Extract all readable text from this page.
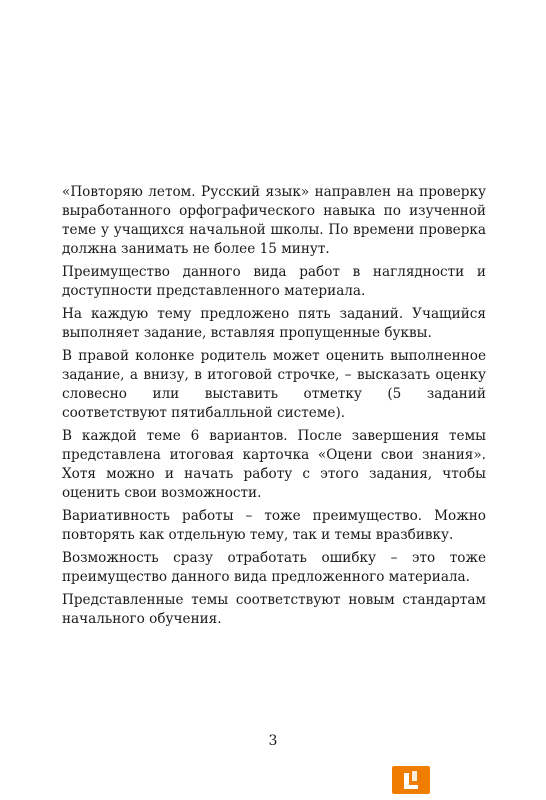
«Повторяю летом. Русский язык» направлен на проверку выработанного орфографического навыка по изученной теме у учащихся начальной школы. По времени проверка должна занимать не более 15 минут.

Преимущество данного вида работ в наглядности и доступности представленного материала.

На каждую тему предложено пять заданий. Учащийся выполняет задание, вставляя пропущенные буквы.

В правой колонке родитель может оценить выполненное задание, а внизу, в итоговой строчке, – высказать оценку словесно или выставить отметку (5 заданий соответствуют пятибалльной системе).

В каждой теме 6 вариантов. После завершения темы представлена итоговая карточка «Оцени свои знания». Хотя можно и начать работу с этого задания, чтобы оценить свои возможности.

Вариативность работы – тоже преимущество. Можно повторять как отдельную тему, так и темы вразбивку.

Возможность сразу отработать ошибку – это тоже преимущество данного вида предложенного материала.

Представленные темы соответствуют новым стандартам начального обучения.

3
